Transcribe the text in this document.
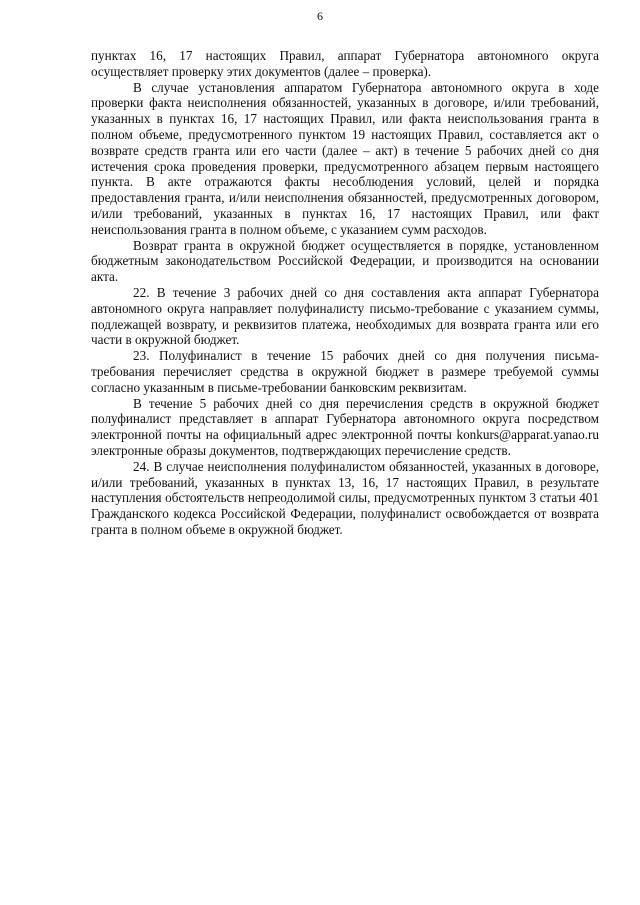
6

пунктах 16, 17 настоящих Правил, аппарат Губернатора автономного округа осуществляет проверку этих документов (далее – проверка).

В случае установления аппаратом Губернатора автономного округа в ходе проверки факта неисполнения обязанностей, указанных в договоре, и/или требований, указанных в пунктах 16, 17 настоящих Правил, или факта неиспользования гранта в полном объеме, предусмотренного пунктом 19 настоящих Правил, составляется акт о возврате средств гранта или его части (далее – акт) в течение 5 рабочих дней со дня истечения срока проведения проверки, предусмотренного абзацем первым настоящего пункта. В акте отражаются факты несоблюдения условий, целей и порядка предоставления гранта, и/или неисполнения обязанностей, предусмотренных договором, и/или требований, указанных в пунктах 16, 17 настоящих Правил, или факт неиспользования гранта в полном объеме, с указанием сумм расходов.

Возврат гранта в окружной бюджет осуществляется в порядке, установленном бюджетным законодательством Российской Федерации, и производится на основании акта.

22. В течение 3 рабочих дней со дня составления акта аппарат Губернатора автономного округа направляет полуфиналисту письмо-требование с указанием суммы, подлежащей возврату, и реквизитов платежа, необходимых для возврата гранта или его части в окружной бюджет.

23. Полуфиналист в течение 15 рабочих дней со дня получения письма-требования перечисляет средства в окружной бюджет в размере требуемой суммы согласно указанным в письме-требовании банковским реквизитам.

В течение 5 рабочих дней со дня перечисления средств в окружной бюджет полуфиналист представляет в аппарат Губернатора автономного округа посредством электронной почты на официальный адрес электронной почты konkurs@apparat.yanao.ru электронные образы документов, подтверждающих перечисление средств.

24. В случае неисполнения полуфиналистом обязанностей, указанных в договоре, и/или требований, указанных в пунктах 13, 16, 17 настоящих Правил, в результате наступления обстоятельств непреодолимой силы, предусмотренных пунктом 3 статьи 401 Гражданского кодекса Российской Федерации, полуфиналист освобождается от возврата гранта в полном объеме в окружной бюджет.
